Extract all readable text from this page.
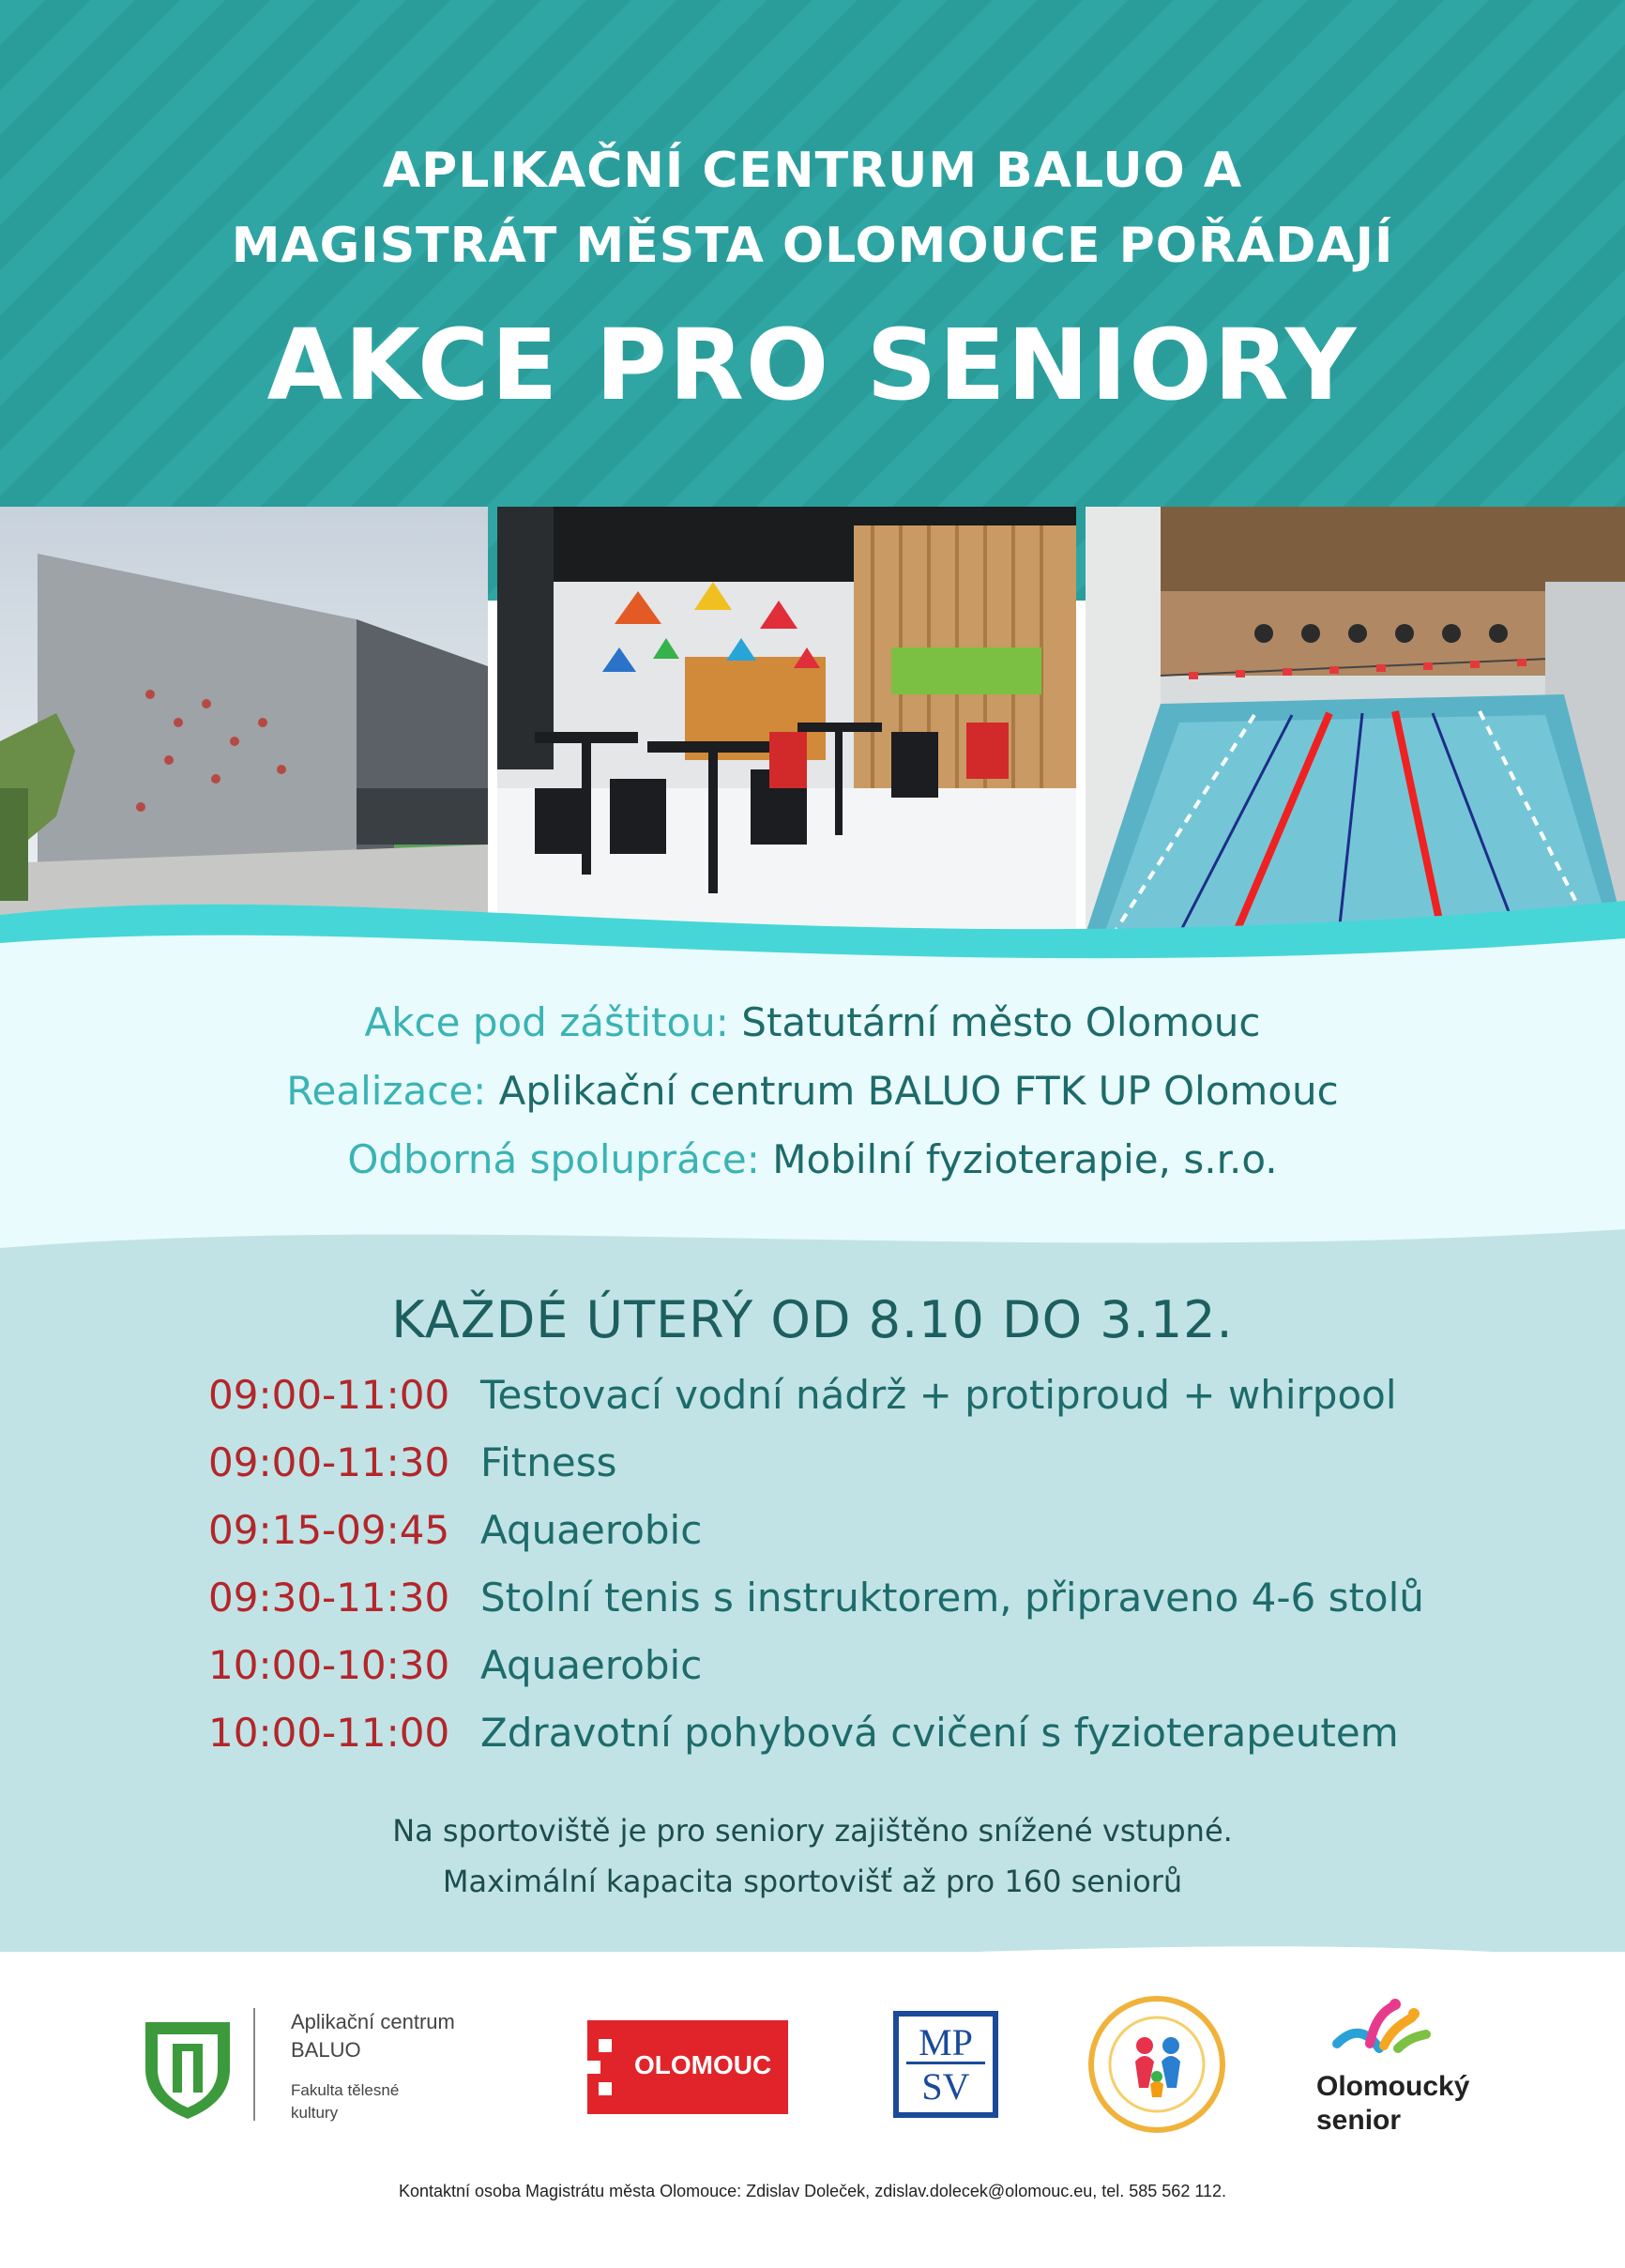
APLIKAČNÍ CENTRUM BALUO A
MAGISTRÁT MĚSTA OLOMOUCE POŘÁDAJÍ
AKCE PRO SENIORY
Akce pod záštitou: Statutární město Olomouc
Realizace: Aplikační centrum BALUO FTK UP Olomouc
Odborná spolupráce: Mobilní fyzioterapie, s.r.o.
KAŽDÉ ÚTERÝ OD 8.10 DO 3.12.
09:00-11:00 Testovací vodní nádrž + protiproud + whirpool
09:00-11:30 Fitness
09:15-09:45 Aquaerobic
09:30-11:30 Stolní tenis s instruktorem, připraveno 4-6 stolů
10:00-10:30 Aquaerobic
10:00-11:00 Zdravotní pohybová cvičení s fyzioterapeutem
Na sportoviště je pro seniory zajištěno snížené vstupné.
Maximální kapacita sportovišť až pro 160 seniorů
Aplikační centrum
BALUO
Fakulta tělesné
kultury
OLOMOUC
MP
SV	Olomoucký
senior
Kontaktní osoba Magistrátu města Olomouce: Zdislav Doleček, zdislav.dolecek@olomouc.eu, tel. 585 562 112.
